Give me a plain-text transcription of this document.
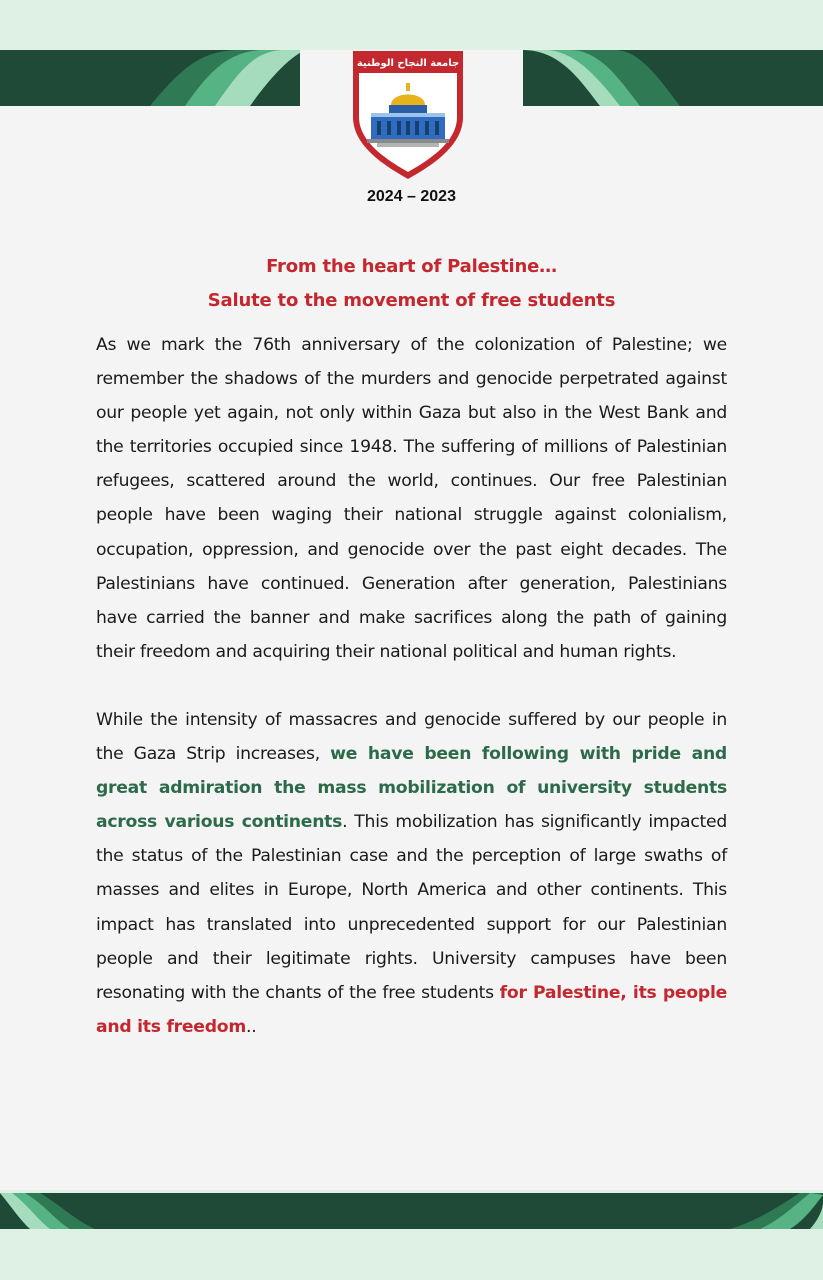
جامعة النجاح الوطنية
2024 – 2023
From the heart of Palestine…
Salute to the movement of free students

As we mark the 76th anniversary of the colonization of Palestine; we remember the shadows of the murders and genocide perpetrated against our people yet again, not only within Gaza but also in the West Bank and the territories occupied since 1948. The suffering of millions of Palestinian refugees, scattered around the world, continues. Our free Palestinian people have been waging their national struggle against colonialism, occupation, oppression, and genocide over the past eight decades. The Palestinians have continued. Generation after generation, Palestinians have carried the banner and make sacrifices along the path of gaining their freedom and acquiring their national political and human rights.

While the intensity of massacres and genocide suffered by our people in the Gaza Strip increases, we have been following with pride and great admiration the mass mobilization of university students across various continents. This mobilization has significantly impacted the status of the Palestinian case and the perception of large swaths of masses and elites in Europe, North America and other continents. This impact has translated into unprecedented support for our Palestinian people and their legitimate rights. University campuses have been resonating with the chants of the free students for Palestine, its people and its freedom..
